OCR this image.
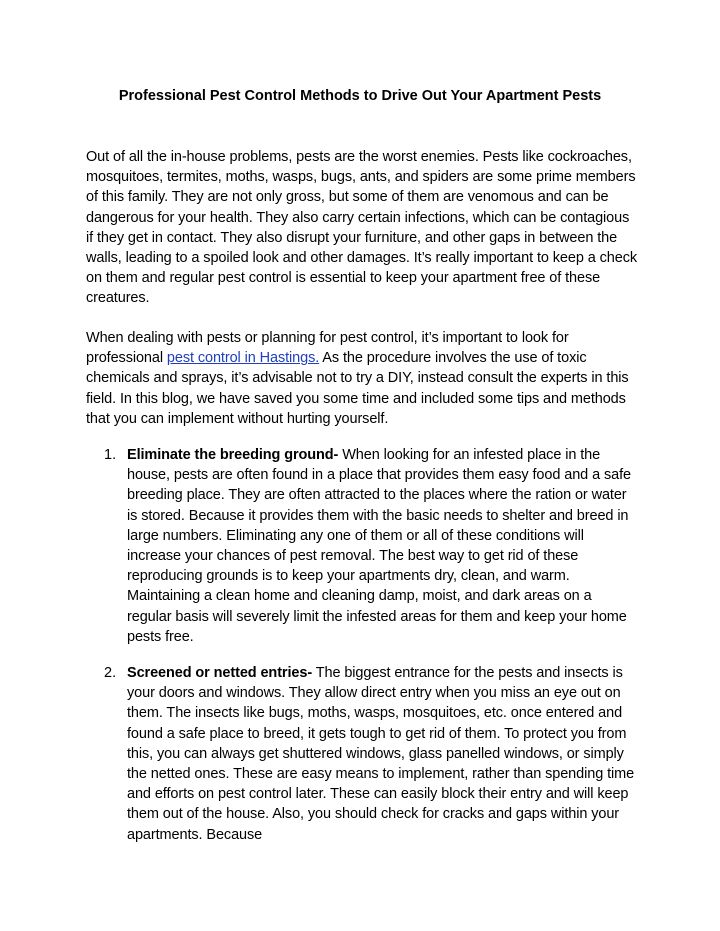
Professional Pest Control Methods to Drive Out Your Apartment Pests

Out of all the in-house problems, pests are the worst enemies. Pests like cockroaches, mosquitoes, termites, moths, wasps, bugs, ants, and spiders are some prime members of this family. They are not only gross, but some of them are venomous and can be dangerous for your health. They also carry certain infections, which can be contagious if they get in contact. They also disrupt your furniture, and other gaps in between the walls, leading to a spoiled look and other damages. It’s really important to keep a check on them and regular pest control is essential to keep your apartment free of these creatures.

When dealing with pests or planning for pest control, it’s important to look for professional pest control in Hastings. As the procedure involves the use of toxic chemicals and sprays, it’s advisable not to try a DIY, instead consult the experts in this field. In this blog, we have saved you some time and included some tips and methods that you can implement without hurting yourself.

1. Eliminate the breeding ground- When looking for an infested place in the house, pests are often found in a place that provides them easy food and a safe breeding place. They are often attracted to the places where the ration or water is stored. Because it provides them with the basic needs to shelter and breed in large numbers. Eliminating any one of them or all of these conditions will increase your chances of pest removal. The best way to get rid of these reproducing grounds is to keep your apartments dry, clean, and warm. Maintaining a clean home and cleaning damp, moist, and dark areas on a regular basis will severely limit the infested areas for them and keep your home pests free.

2. Screened or netted entries- The biggest entrance for the pests and insects is your doors and windows. They allow direct entry when you miss an eye out on them. The insects like bugs, moths, wasps, mosquitoes, etc. once entered and found a safe place to breed, it gets tough to get rid of them. To protect you from this, you can always get shuttered windows, glass panelled windows, or simply the netted ones. These are easy means to implement, rather than spending time and efforts on pest control later. These can easily block their entry and will keep them out of the house. Also, you should check for cracks and gaps within your apartments. Because
